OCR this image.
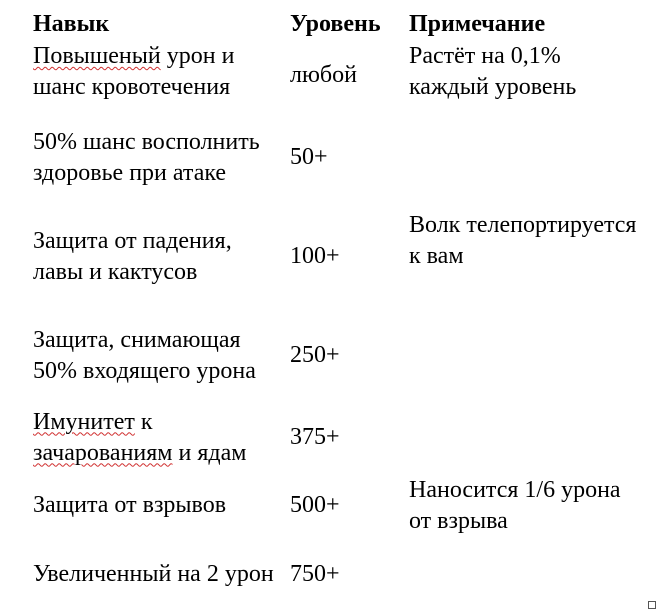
Навык	Уровень	Примечание
Повышеный урон и шанс кровотечения	любой	Растёт на 0,1% каждый уровень
50% шанс восполнить здоровье при атаке	50+	
Защита от падения, лавы и кактусов	100+	Волк телепортируется к вам
Защита, снимающая 50% входящего урона	250+	
Имунитет к зачарованиям и ядам	375+	
Защита от взрывов	500+	Наносится 1/6 урона от взрыва
Увеличенный на 2 урон	750+	
